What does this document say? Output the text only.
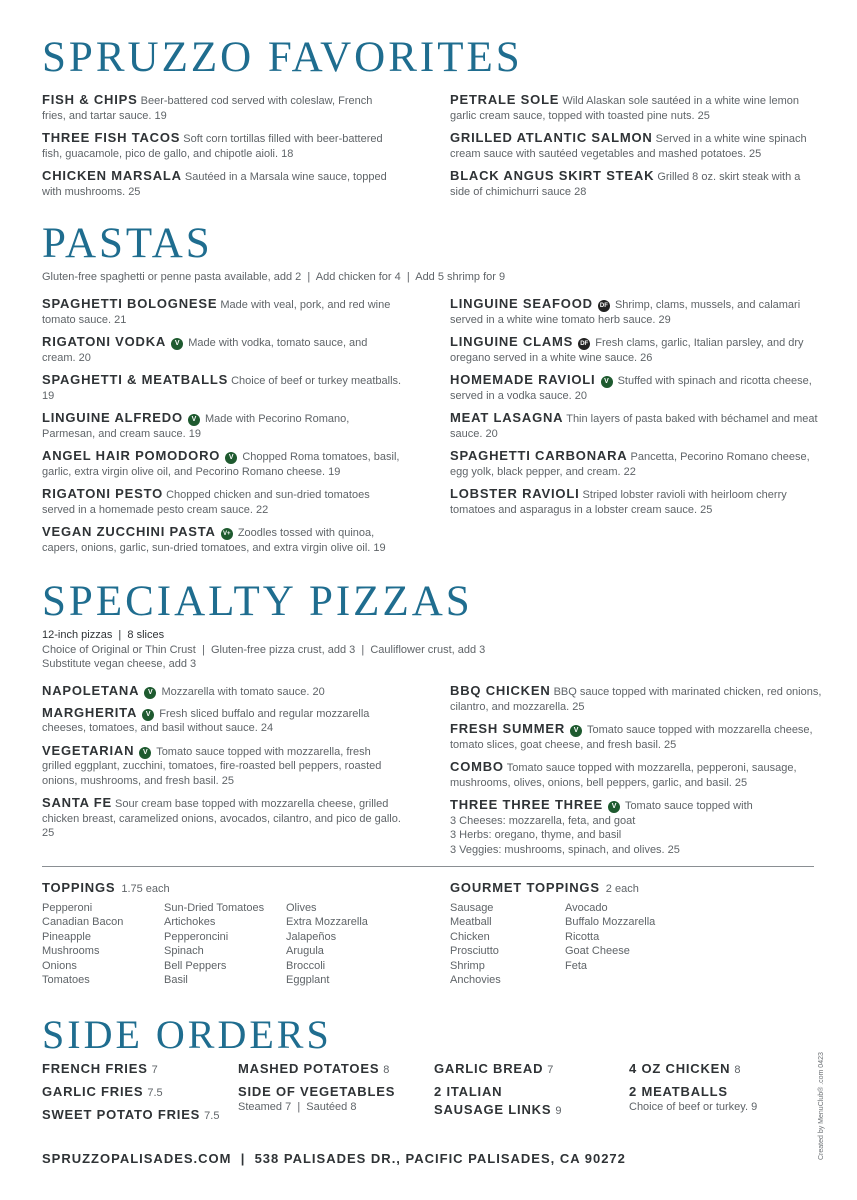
SPRUZZO FAVORITES

FISH & CHIPS Beer-battered cod served with coleslaw, French fries, and tartar sauce. 19

THREE FISH TACOS Soft corn tortillas filled with beer-battered fish, guacamole, pico de gallo, and chipotle aioli. 18

CHICKEN MARSALA Sautéed in a Marsala wine sauce, topped with mushrooms. 25

PETRALE SOLE Wild Alaskan sole sautéed in a white wine lemon garlic cream sauce, topped with toasted pine nuts. 25

GRILLED ATLANTIC SALMON Served in a white wine spinach cream sauce with sautéed vegetables and mashed potatoes. 25

BLACK ANGUS SKIRT STEAK Grilled 8 oz. skirt steak with a side of chimichurri sauce 28

PASTAS

Gluten-free spaghetti or penne pasta available, add 2  |  Add chicken for 4  |  Add 5 shrimp for 9

SPAGHETTI BOLOGNESE Made with veal, pork, and red wine tomato sauce. 21

RIGATONI VODKA V Made with vodka, tomato sauce, and cream. 20

SPAGHETTI & MEATBALLS Choice of beef or turkey meatballs. 19

LINGUINE ALFREDO V Made with Pecorino Romano, Parmesan, and cream sauce. 19

ANGEL HAIR POMODORO V Chopped Roma tomatoes, basil, garlic, extra virgin olive oil, and Pecorino Romano cheese. 19

RIGATONI PESTO Chopped chicken and sun-dried tomatoes served in a homemade pesto cream sauce. 22

VEGAN ZUCCHINI PASTA V+ Zoodles tossed with quinoa, capers, onions, garlic, sun-dried tomatoes, and extra virgin olive oil. 19

LINGUINE SEAFOOD DF Shrimp, clams, mussels, and calamari served in a white wine tomato herb sauce. 29

LINGUINE CLAMS DF Fresh clams, garlic, Italian parsley, and dry oregano served in a white wine sauce. 26

HOMEMADE RAVIOLI V Stuffed with spinach and ricotta cheese, served in a vodka sauce. 20

MEAT LASAGNA Thin layers of pasta baked with béchamel and meat sauce. 20

SPAGHETTI CARBONARA Pancetta, Pecorino Romano cheese, egg yolk, black pepper, and cream. 22

LOBSTER RAVIOLI Striped lobster ravioli with heirloom cherry tomatoes and asparagus in a lobster cream sauce. 25

SPECIALTY PIZZAS

12-inch pizzas  |  8 slices

Choice of Original or Thin Crust  |  Gluten-free pizza crust, add 3  |  Cauliflower crust, add 3

Substitute vegan cheese, add 3

NAPOLETANA V Mozzarella with tomato sauce. 20

MARGHERITA V Fresh sliced buffalo and regular mozzarella cheeses, tomatoes, and basil without sauce. 24

VEGETARIAN V Tomato sauce topped with mozzarella, fresh grilled eggplant, zucchini, tomatoes, fire-roasted bell peppers, roasted onions, mushrooms, and fresh basil. 25

SANTA FE Sour cream base topped with mozzarella cheese, grilled chicken breast, caramelized onions, avocados, cilantro, and pico de gallo. 25

BBQ CHICKEN BBQ sauce topped with marinated chicken, red onions, cilantro, and mozzarella. 25

FRESH SUMMER V Tomato sauce topped with mozzarella cheese, tomato slices, goat cheese, and fresh basil. 25

COMBO Tomato sauce topped with mozzarella, pepperoni, sausage, mushrooms, olives, onions, bell peppers, garlic, and basil. 25

THREE THREE THREE V Tomato sauce topped with
3 Cheeses: mozzarella, feta, and goat
3 Herbs: oregano, thyme, and basil
3 Veggies: mushrooms, spinach, and olives. 25

TOPPINGS 1.75 each
Pepperoni
Canadian Bacon
Pineapple
Mushrooms
Onions
Tomatoes
Sun-Dried Tomatoes
Artichokes
Pepperoncini
Spinach
Bell Peppers
Basil
Olives
Extra Mozzarella
Jalapeños
Arugula
Broccoli
Eggplant
GOURMET TOPPINGS 2 each
Sausage
Meatball
Chicken
Prosciutto
Shrimp
Anchovies
Avocado
Buffalo Mozzarella
Ricotta
Goat Cheese
Feta
SIDE ORDERS
FRENCH FRIES 7
GARLIC FRIES 7.5
SWEET POTATO FRIES 7.5
MASHED POTATOES 8
SIDE OF VEGETABLES
Steamed 7  |  Sautéed 8
GARLIC BREAD 7
2 ITALIAN
SAUSAGE LINKS 9
4 OZ CHICKEN 8
2 MEATBALLS
Choice of beef or turkey. 9
SPRUZZOPALISADES.COM  |  538 PALISADES DR., PACIFIC PALISADES, CA 90272	Created by MenuClub® .com 0423
